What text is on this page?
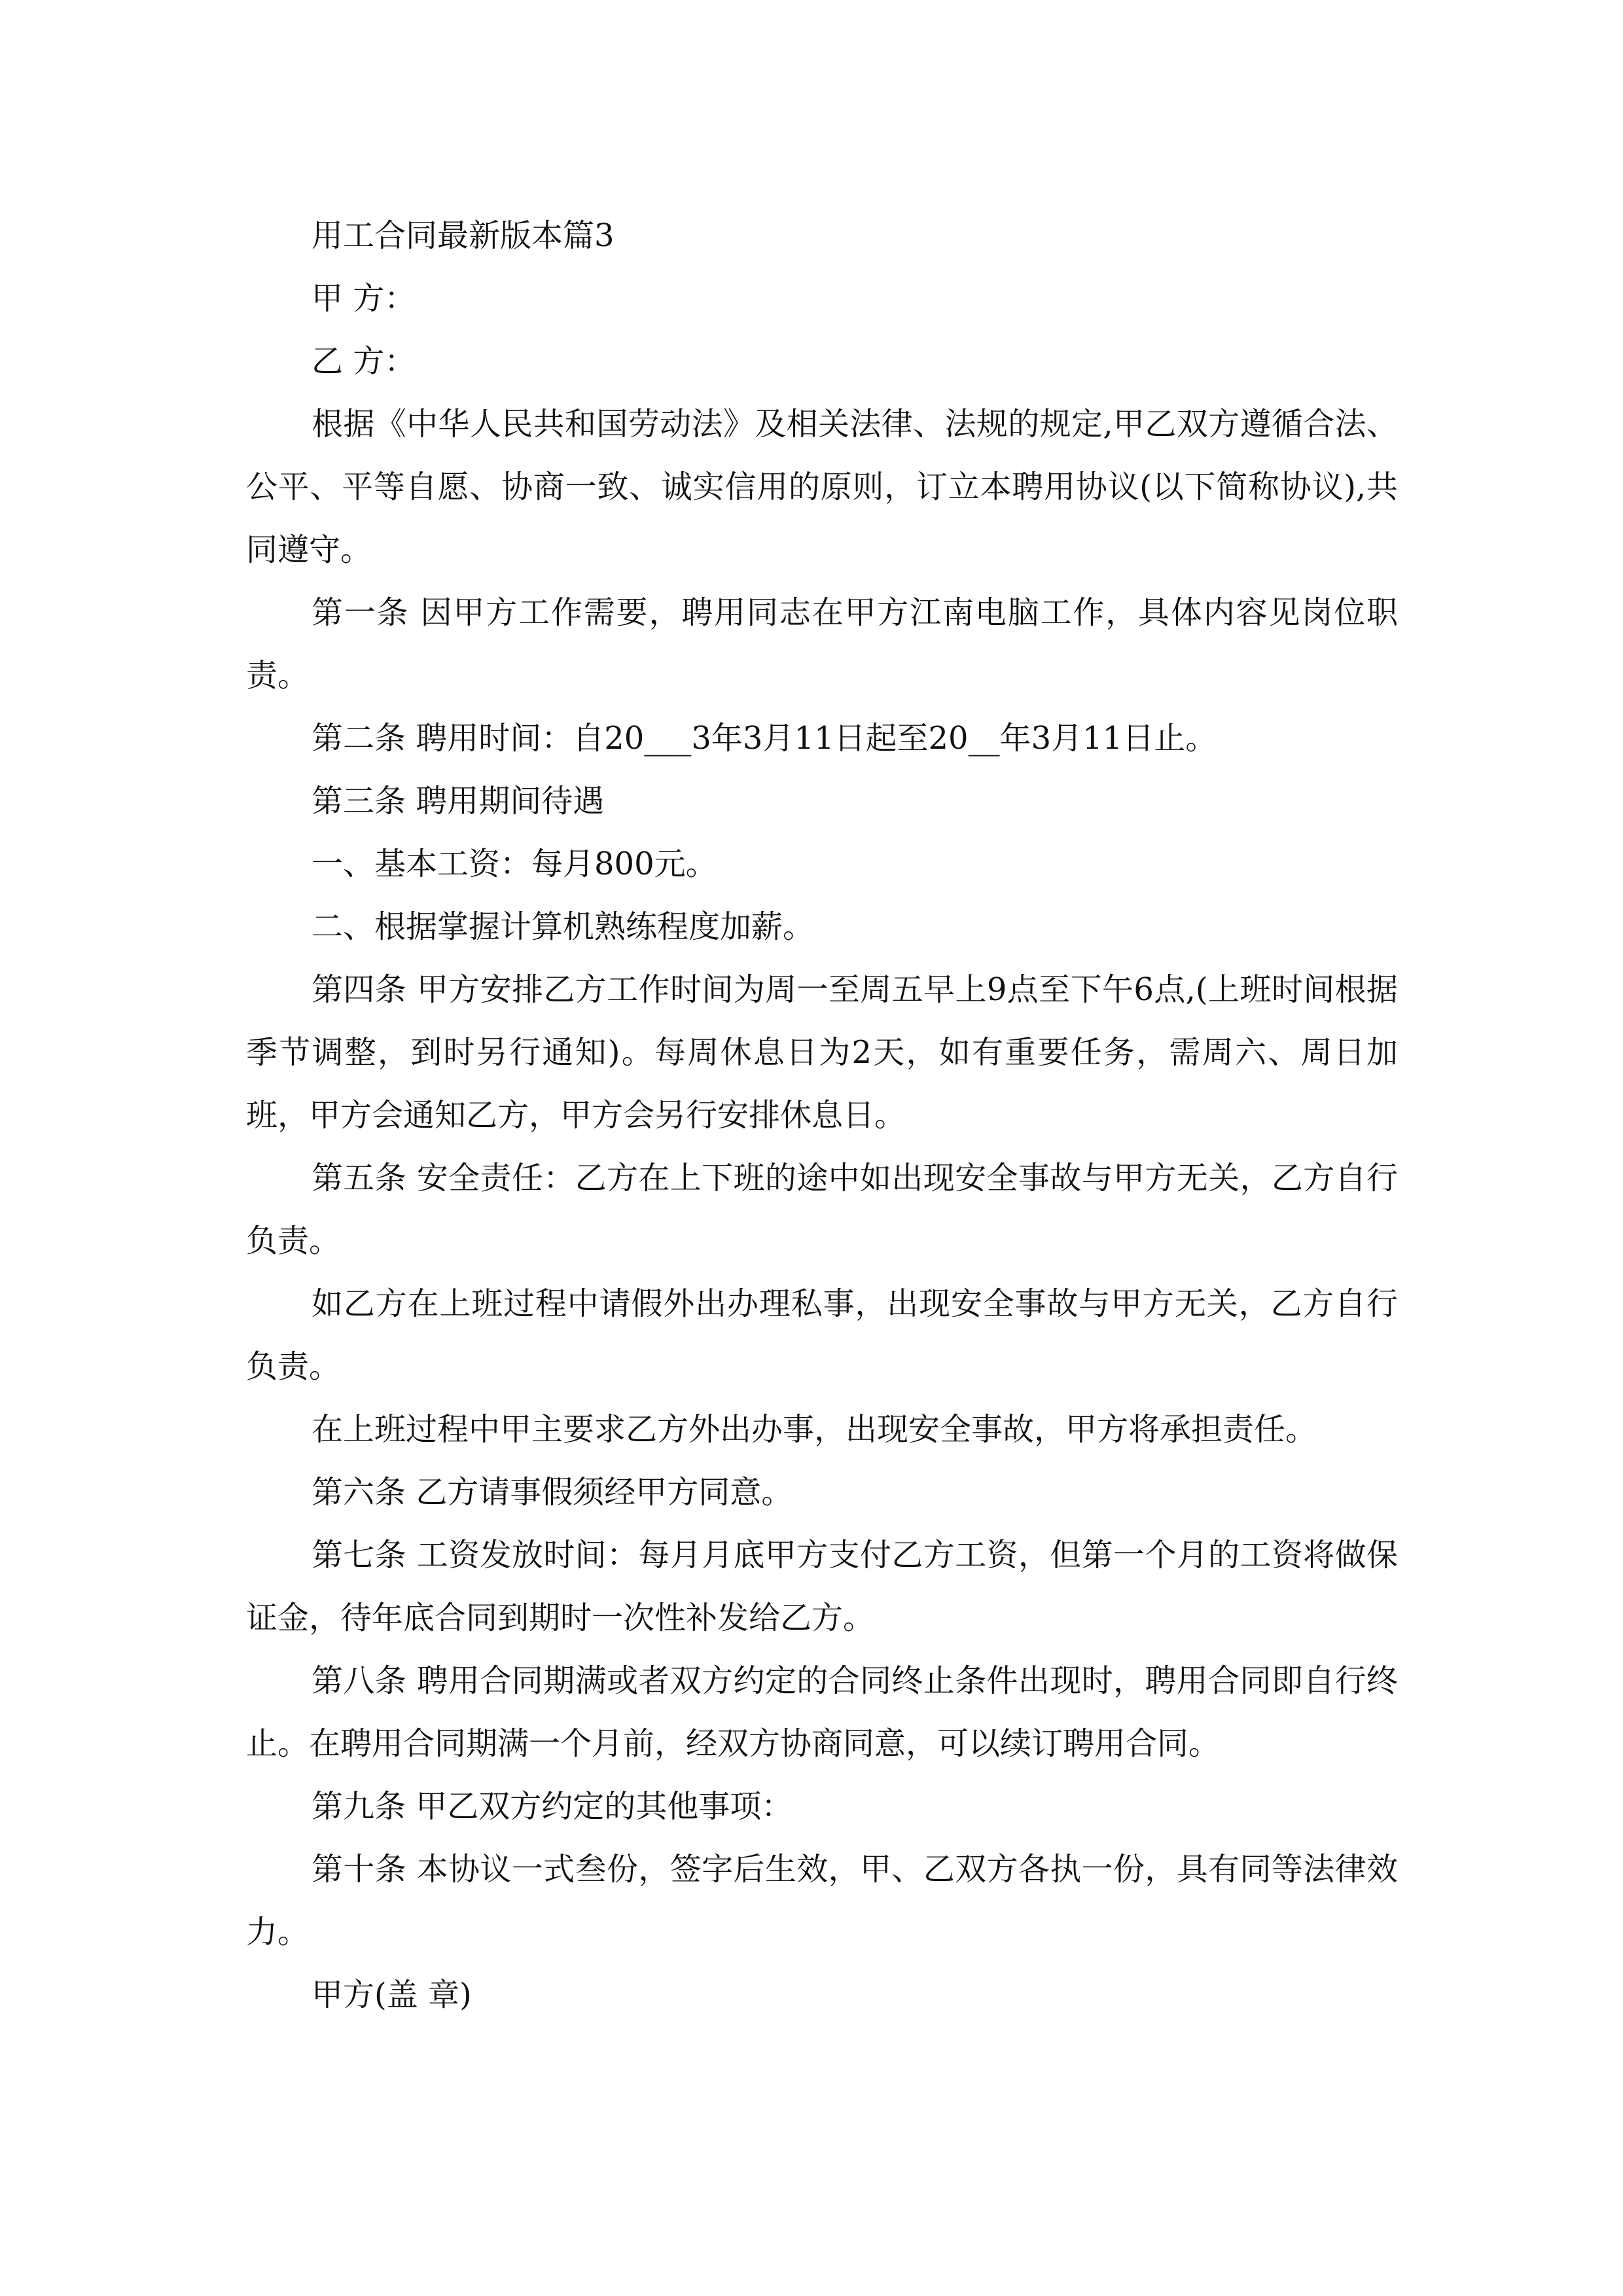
用工合同最新版本篇3

甲 方：

乙 方：

根据《中华人民共和国劳动法》及相关法律、法规的规定,甲乙双方遵循合法、公平、平等自愿、协商一致、诚实信用的原则，订立本聘用协议(以下简称协议),共同遵守。

第一条 因甲方工作需要，聘用同志在甲方江南电脑工作，具体内容见岗位职责。

第二条 聘用时间：自20___3年3月11日起至20__年3月11日止。

第三条 聘用期间待遇

一、基本工资：每月800元。

二、根据掌握计算机熟练程度加薪。

第四条 甲方安排乙方工作时间为周一至周五早上9点至下午6点,(上班时间根据季节调整，到时另行通知)。每周休息日为2天，如有重要任务，需周六、周日加班，甲方会通知乙方，甲方会另行安排休息日。

第五条 安全责任：乙方在上下班的途中如出现安全事故与甲方无关，乙方自行负责。

如乙方在上班过程中请假外出办理私事，出现安全事故与甲方无关，乙方自行负责。

在上班过程中甲主要求乙方外出办事，出现安全事故，甲方将承担责任。

第六条 乙方请事假须经甲方同意。

第七条 工资发放时间：每月月底甲方支付乙方工资，但第一个月的工资将做保证金，待年底合同到期时一次性补发给乙方。

第八条 聘用合同期满或者双方约定的合同终止条件出现时，聘用合同即自行终止。在聘用合同期满一个月前，经双方协商同意，可以续订聘用合同。

第九条 甲乙双方约定的其他事项：

第十条 本协议一式叁份，签字后生效，甲、乙双方各执一份，具有同等法律效力。

甲方(盖 章)
